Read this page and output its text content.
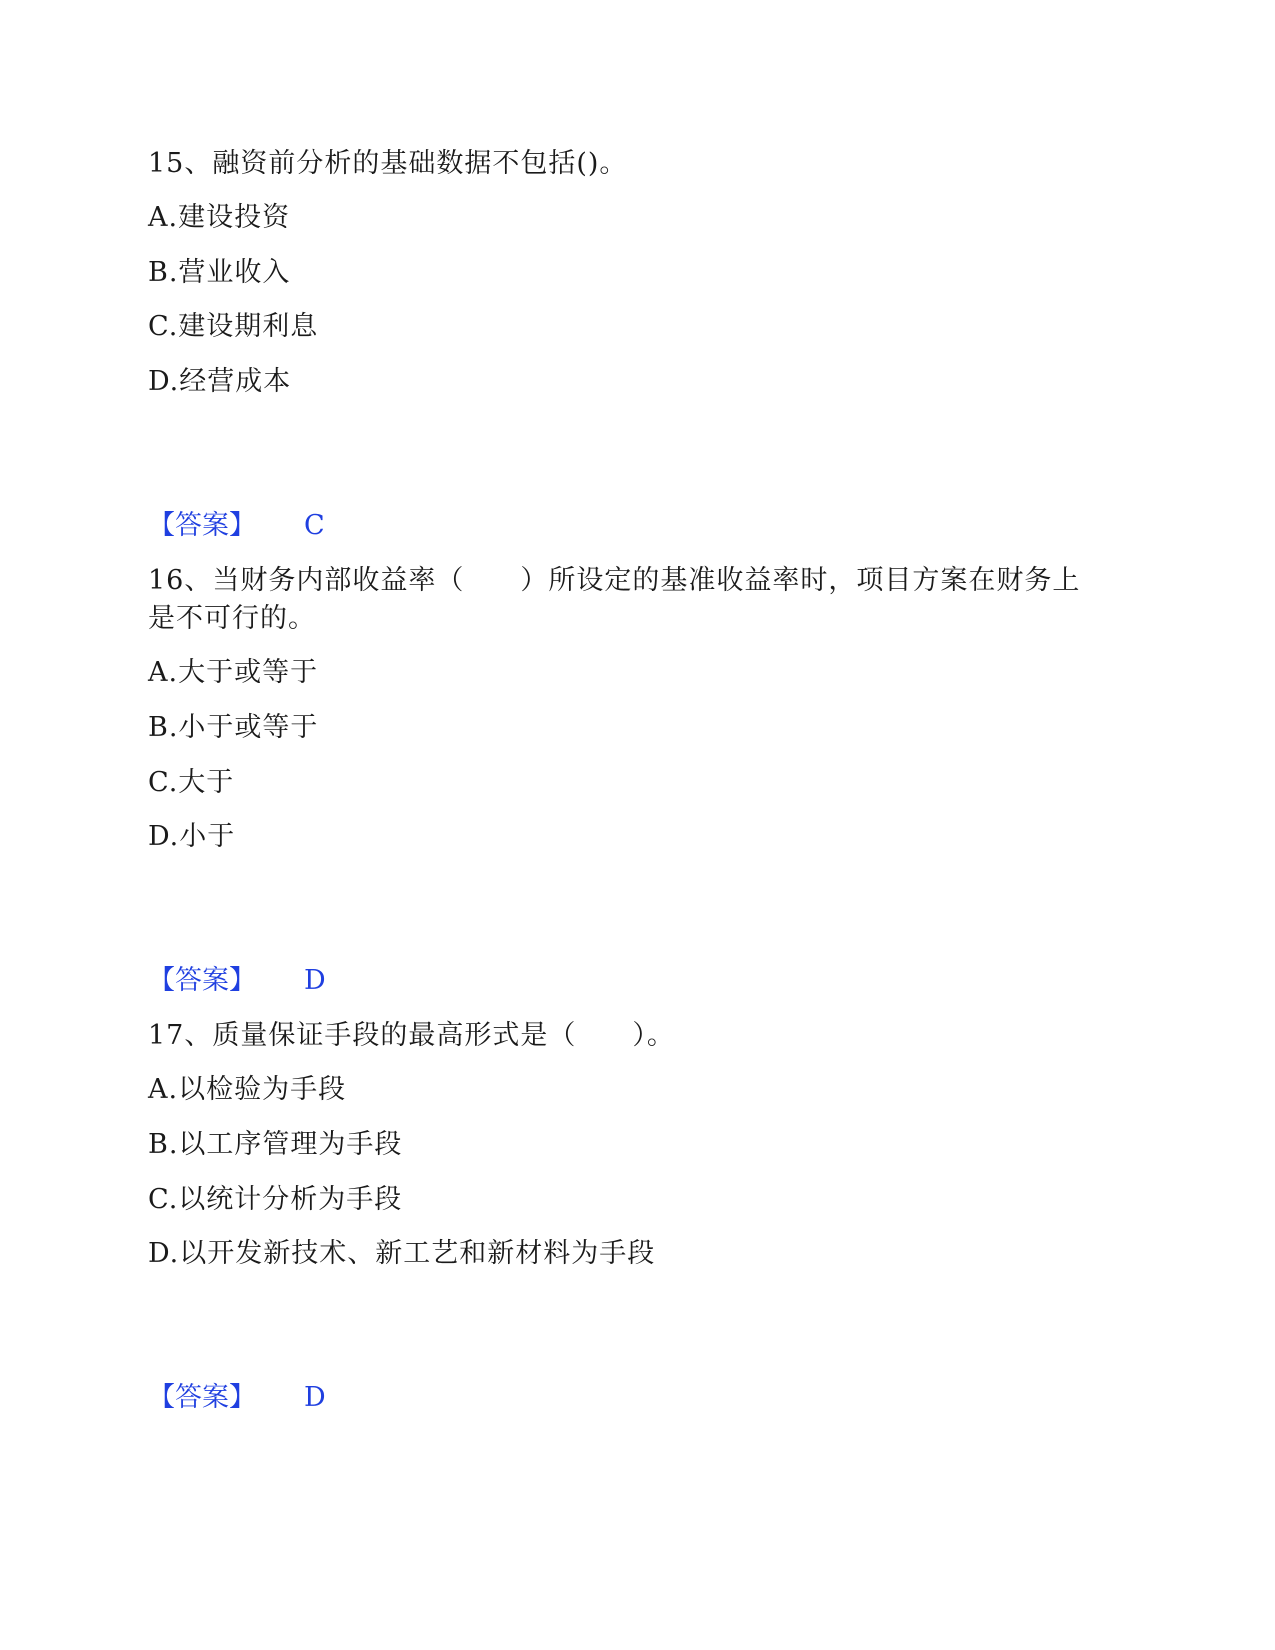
15、融资前分析的基础数据不包括()。
A.建设投资
B.营业收入
C.建设期利息
D.经营成本
【答案】 C
16、当财务内部收益率（　　）所设定的基准收益率时，项目方案在财务上
是不可行的。
A.大于或等于
B.小于或等于
C.大于
D.小于
【答案】 D
17、质量保证手段的最高形式是（　　）。
A.以检验为手段
B.以工序管理为手段
C.以统计分析为手段
D.以开发新技术、新工艺和新材料为手段
【答案】 D
